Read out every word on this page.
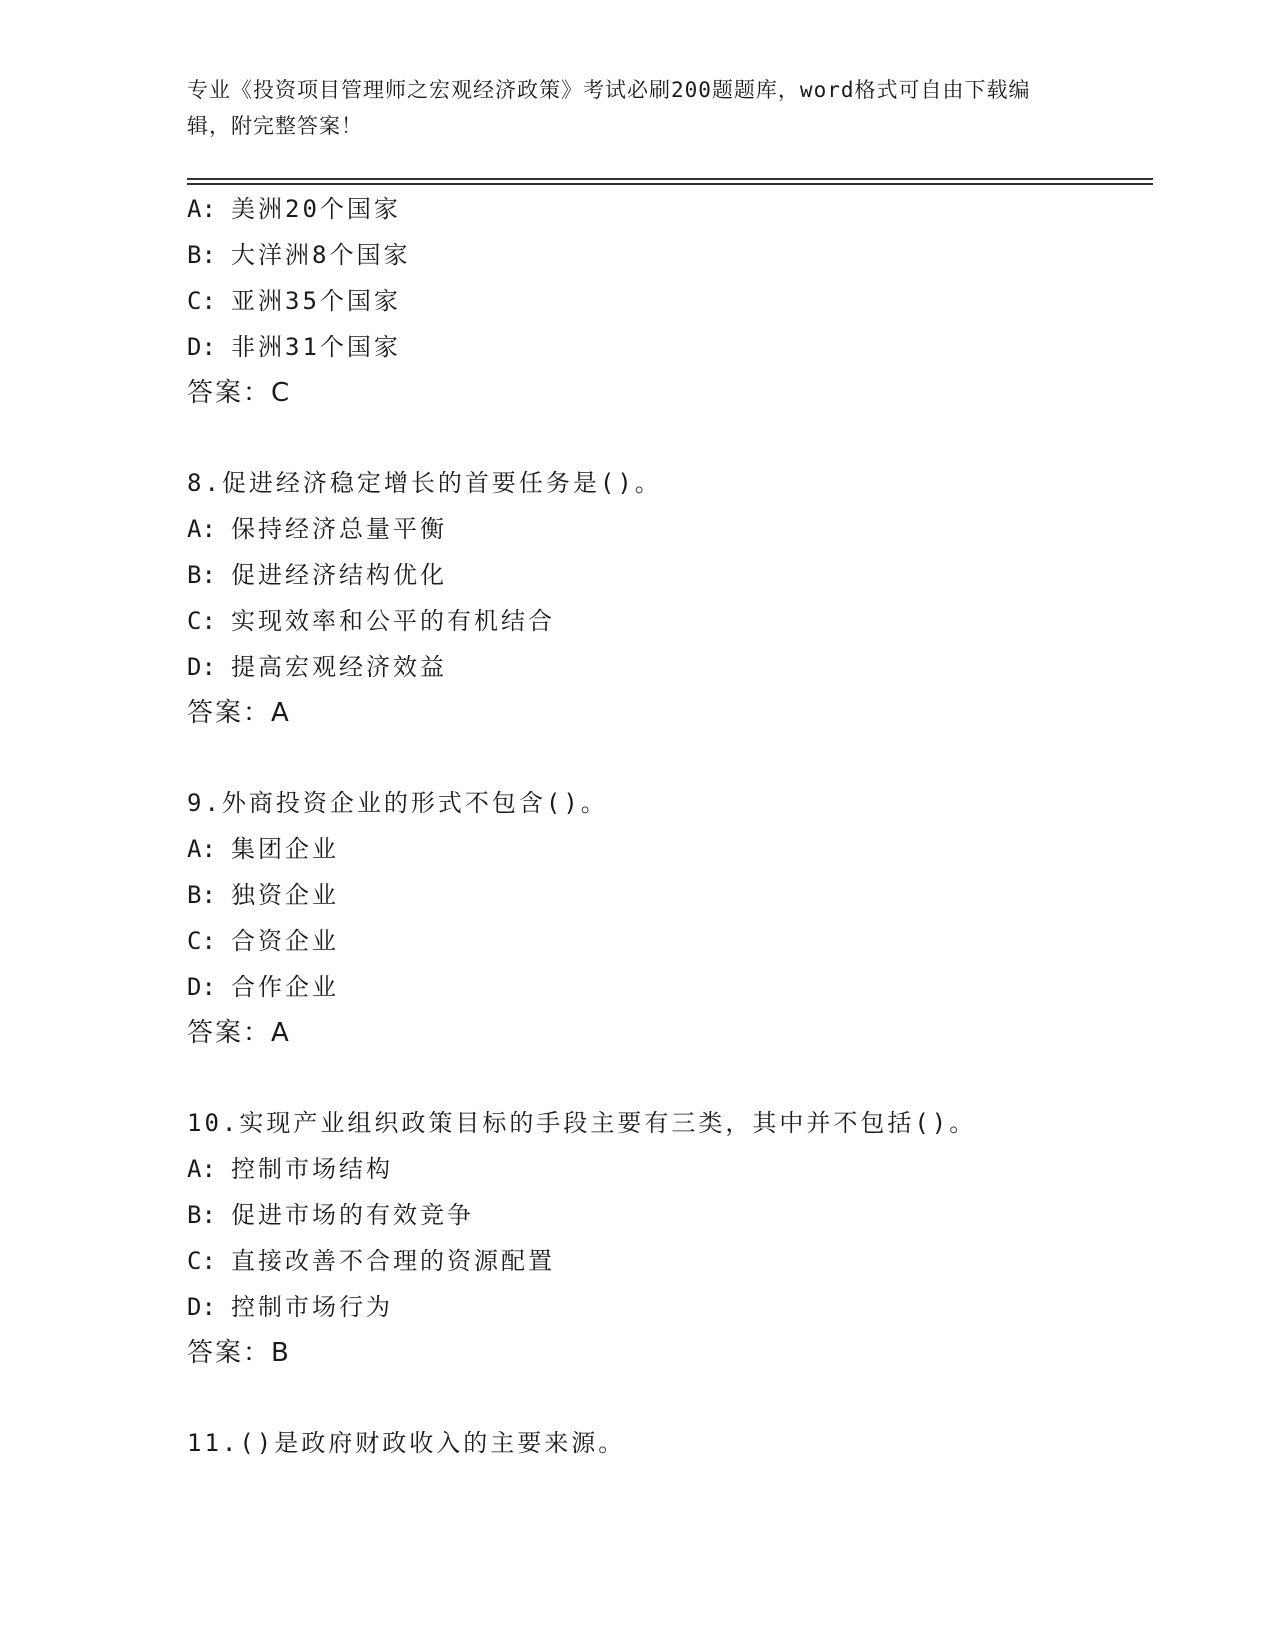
专业《投资项目管理师之宏观经济政策》考试必刷200题题库，word格式可自由下载编辑，附完整答案！
A: 美洲20个国家
B: 大洋洲8个国家
C: 亚洲35个国家
D: 非洲31个国家
答案：C
8.促进经济稳定增长的首要任务是()。
A: 保持经济总量平衡
B: 促进经济结构优化
C: 实现效率和公平的有机结合
D: 提高宏观经济效益
答案：A
9.外商投资企业的形式不包含()。
A: 集团企业
B: 独资企业
C: 合资企业
D: 合作企业
答案：A
10.实现产业组织政策目标的手段主要有三类，其中并不包括()。
A: 控制市场结构
B: 促进市场的有效竞争
C: 直接改善不合理的资源配置
D: 控制市场行为
答案：B
11.()是政府财政收入的主要来源。
